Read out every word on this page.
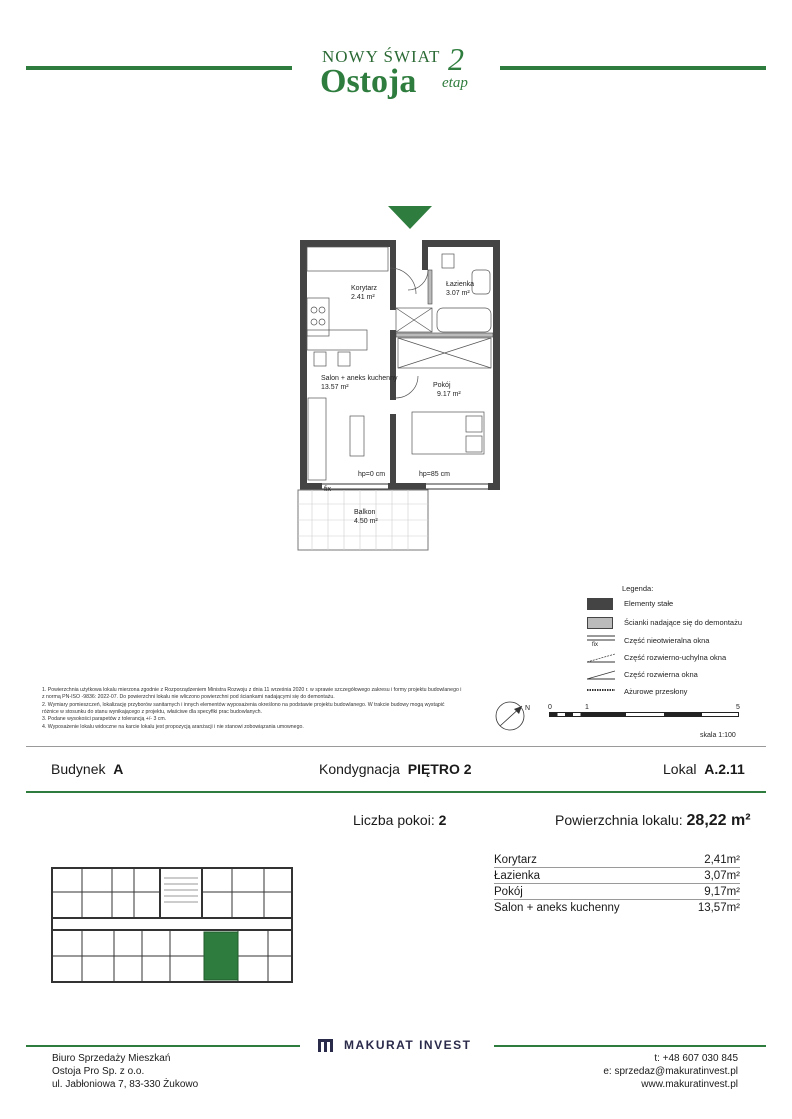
NOWY ŚWIAT
Ostoja
2
etap
Korytarz
2.41 m²
Łazienka
3.07 m²
Salon + aneks kuchenny
13.57 m²	Pokój
9.17 m²
Balkon
4.50 m²
hp=0 cm	hp=85 cm
fix
Legenda:
Elementy stałe
Ścianki nadające się do demontażu
fix	Część nieotwieralna okna
Część rozwierno-uchylna okna
Część rozwierna okna
Ażurowe przesłony
N	0	1	5
skala 1:100
1. Powierzchnia użytkowa lokalu mierzona zgodnie z Rozporządzeniem Ministra Rozwoju z dnia 11 września 2020 r. w sprawie szczegółowego zakresu i formy projektu budowlanego i z normą PN-ISO -9836: 2022-07. Do powierzchni lokalu nie wliczono powierzchni pod ściankami nadającymi się do demontażu.
2. Wymiary pomieszczeń, lokalizację przyborów sanitarnych i innych elementów wyposażenia określono na podstawie projektu budowlanego. W trakcie budowy mogą wystąpić różnice w stosunku do stanu wynikającego z projektu, właściwe dla specyfiki prac budowlanych.
3. Podane wysokości parapetów z tolerancją +/- 3 cm.
4. Wyposażenie lokalu widoczne na karcie lokalu jest propozycją aranżacji i nie stanowi zobowiązania umownego.
Budynek A	Kondygnacja PIĘTRO 2	Lokal A.2.11
Liczba pokoi: 2	Powierzchnia lokalu: 28,22 m²
Korytarz	2,41m²
Łazienka	3,07m²
Pokój	9,17m²
Salon + aneks kuchenny	13,57m²
MAKURAT INVEST
Biuro Sprzedaży Mieszkań
Ostoja Pro Sp. z o.o.
ul. Jabłoniowa 7, 83-330 Żukowo
t: +48 607 030 845
e: sprzedaz@makuratinvest.pl
www.makuratinvest.pl
